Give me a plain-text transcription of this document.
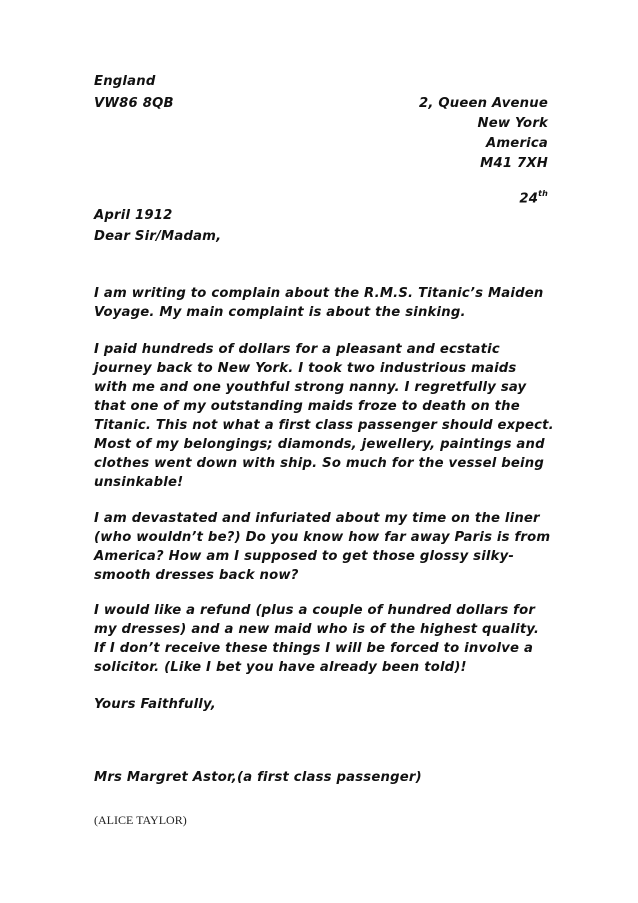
England
VW86 8QB	2, Queen Avenue
New York
America
M41 7XH
24th
April 1912
Dear Sir/Madam,
I am writing to complain about the R.M.S. Titanic’s Maiden
Voyage. My main complaint is about the sinking.
I paid hundreds of dollars for a pleasant and ecstatic
journey back to New York. I took two industrious maids
with me and one youthful strong nanny. I regretfully say
that one of my outstanding maids froze to death on the
Titanic. This not what a first class passenger should expect.
Most of my belongings; diamonds, jewellery, paintings and
clothes went down with ship. So much for the vessel being
unsinkable!
I am devastated and infuriated about my time on the liner
(who wouldn’t be?) Do you know how far away Paris is from
America? How am I supposed to get those glossy silky-
smooth dresses back now?
I would like a refund (plus a couple of hundred dollars for
my dresses) and a new maid who is of the highest quality.
If I don’t receive these things I will be forced to involve a
solicitor. (Like I bet you have already been told)!
Yours Faithfully,
Mrs Margret Astor,(a first class passenger)
(ALICE TAYLOR)
